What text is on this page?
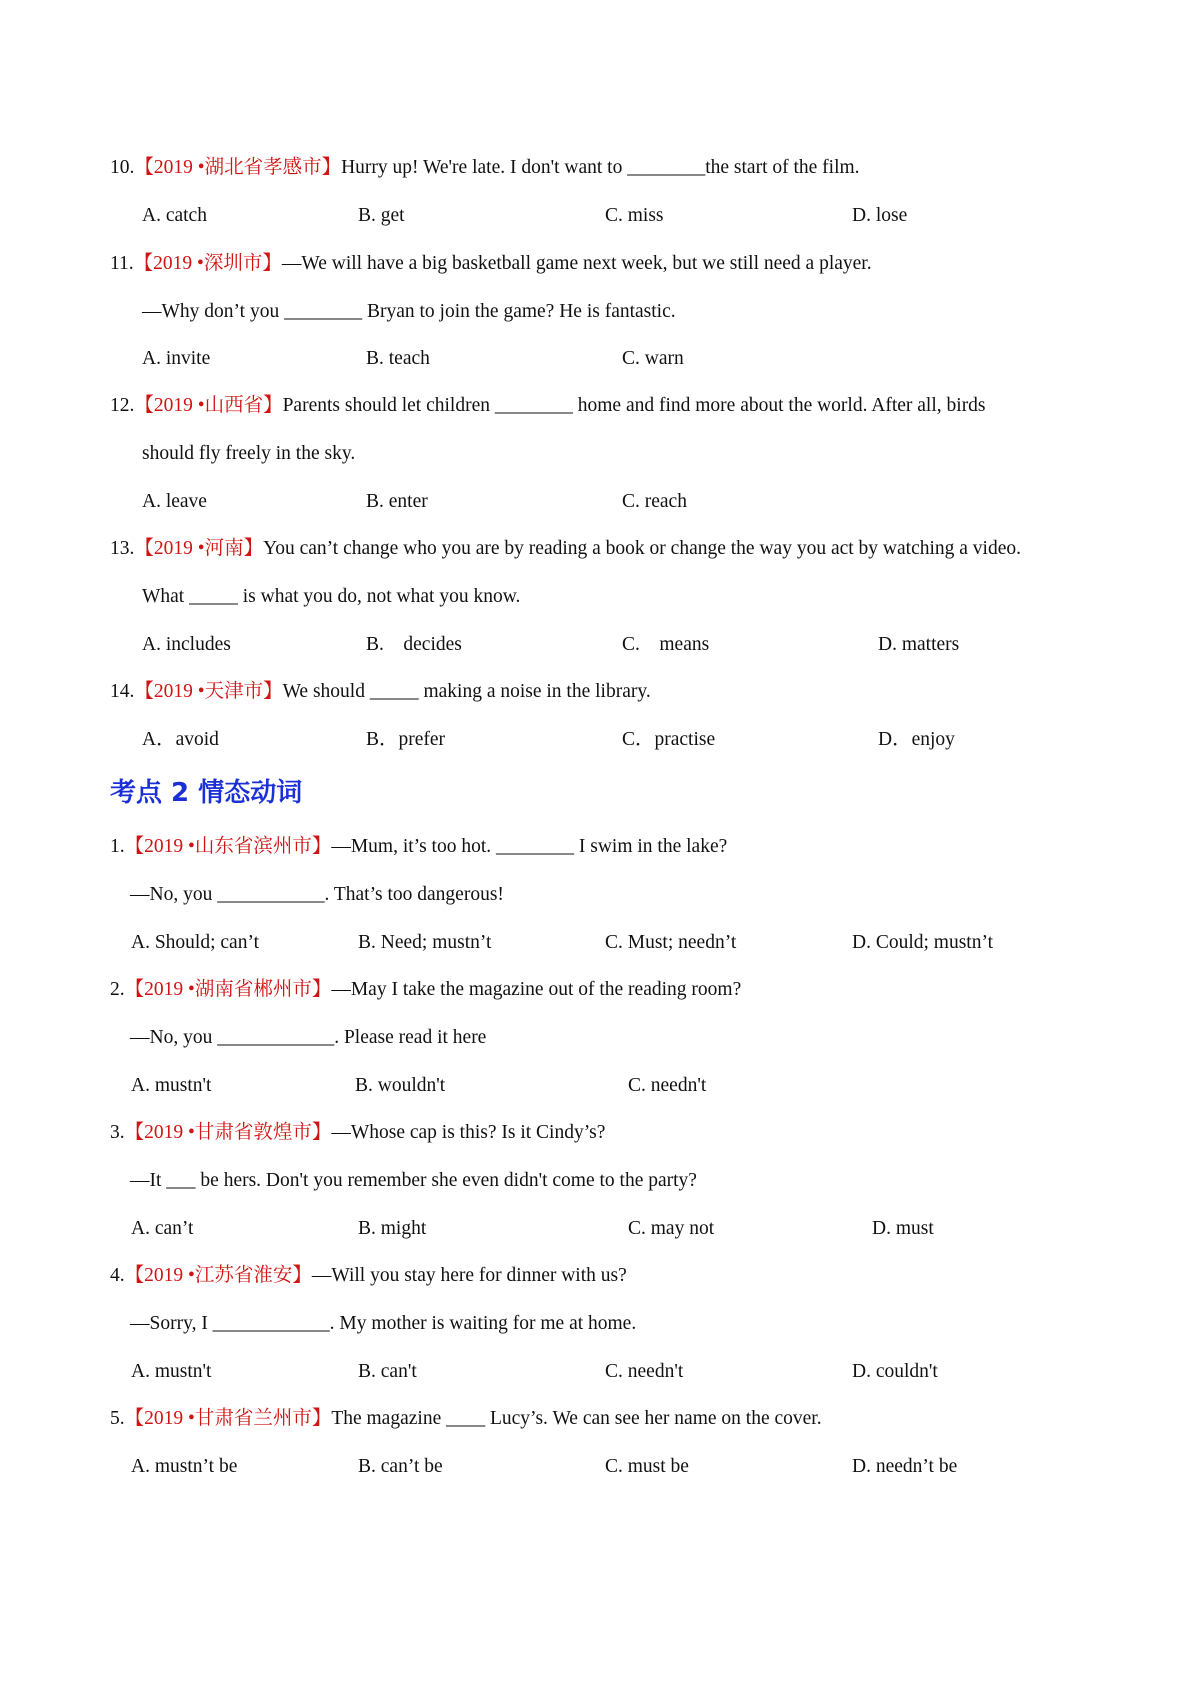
10.【2019 •湖北省孝感市】Hurry up! We're late. I don't want to ________the start of the film.
A. catch	B. get	C. miss	D. lose
11.【2019 •深圳市】—We will have a big basketball game next week, but we still need a player.
—Why don’t you ________ Bryan to join the game? He is fantastic.
A. invite	B. teach	C. warn
12.【2019 •山西省】Parents should let children ________ home and find more about the world. After all, birds
should fly freely in the sky.
A. leave	B. enter	C. reach
13.【2019 •河南】You can’t change who you are by reading a book or change the way you act by watching a video.
What _____ is what you do, not what you know.
A. includes	B.    decides	C.    means	D. matters
14.【2019 •天津市】We should _____ making a noise in the library.
A．avoid	B．prefer	C．practise	D．enjoy
考点 2 情态动词
1.【2019 •山东省滨州市】—Mum, it’s too hot. ________ I swim in the lake?
—No, you ___________. That’s too dangerous!
A. Should; can’t	B. Need; mustn’t	C. Must; needn’t	D. Could; mustn’t
2.【2019 •湖南省郴州市】—May I take the magazine out of the reading room?
—No, you ____________. Please read it here
A. mustn't	B. wouldn't	C. needn't
3.【2019 •甘肃省敦煌市】—Whose cap is this? Is it Cindy’s?
—It ___ be hers. Don't you remember she even didn't come to the party?
A. can’t	B. might	C. may not	D. must
4.【2019 •江苏省淮安】—Will you stay here for dinner with us?
—Sorry, I ____________. My mother is waiting for me at home.
A. mustn't	B. can't	C. needn't	D. couldn't
5.【2019 •甘肃省兰州市】The magazine ____ Lucy’s. We can see her name on the cover.
A. mustn’t be	B. can’t be	C. must be	D. needn’t be
